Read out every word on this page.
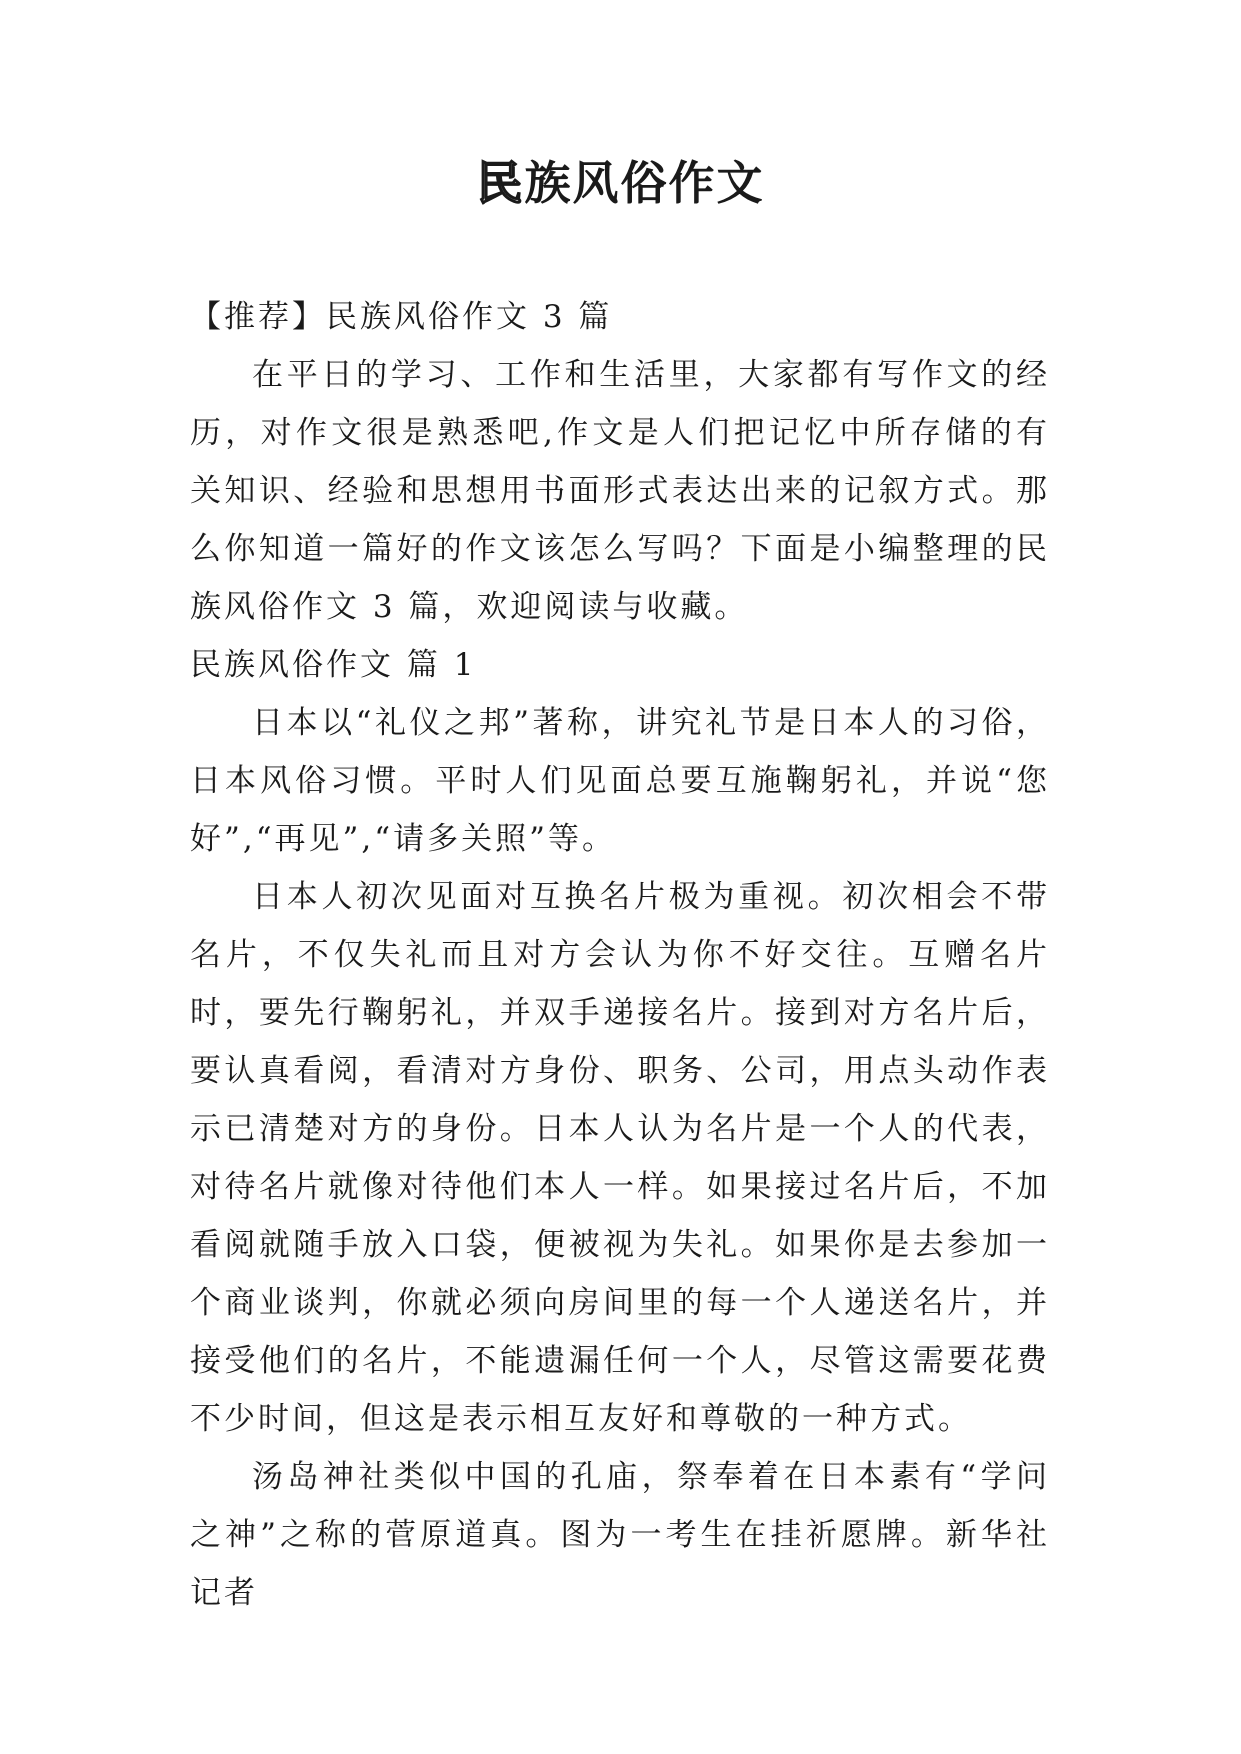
民族风俗作文

【推荐】民族风俗作文 3 篇

在平日的学习、工作和生活里，大家都有写作文的经历，对作文很是熟悉吧,作文是人们把记忆中所存储的有关知识、经验和思想用书面形式表达出来的记叙方式。那么你知道一篇好的作文该怎么写吗？下面是小编整理的民族风俗作文 3 篇，欢迎阅读与收藏。

民族风俗作文 篇 1

日本以“礼仪之邦”著称，讲究礼节是日本人的习俗，日本风俗习惯。平时人们见面总要互施鞠躬礼，并说“您好”,“再见”,“请多关照”等。

日本人初次见面对互换名片极为重视。初次相会不带名片，不仅失礼而且对方会认为你不好交往。互赠名片时，要先行鞠躬礼，并双手递接名片。接到对方名片后，要认真看阅，看清对方身份、职务、公司，用点头动作表示已清楚对方的身份。日本人认为名片是一个人的代表，对待名片就像对待他们本人一样。如果接过名片后，不加看阅就随手放入口袋，便被视为失礼。如果你是去参加一个商业谈判，你就必须向房间里的每一个人递送名片，并接受他们的名片，不能遗漏任何一个人，尽管这需要花费不少时间，但这是表示相互友好和尊敬的一种方式。

汤岛神社类似中国的孔庙，祭奉着在日本素有“学问之神”之称的菅原道真。图为一考生在挂祈愿牌。新华社记者
